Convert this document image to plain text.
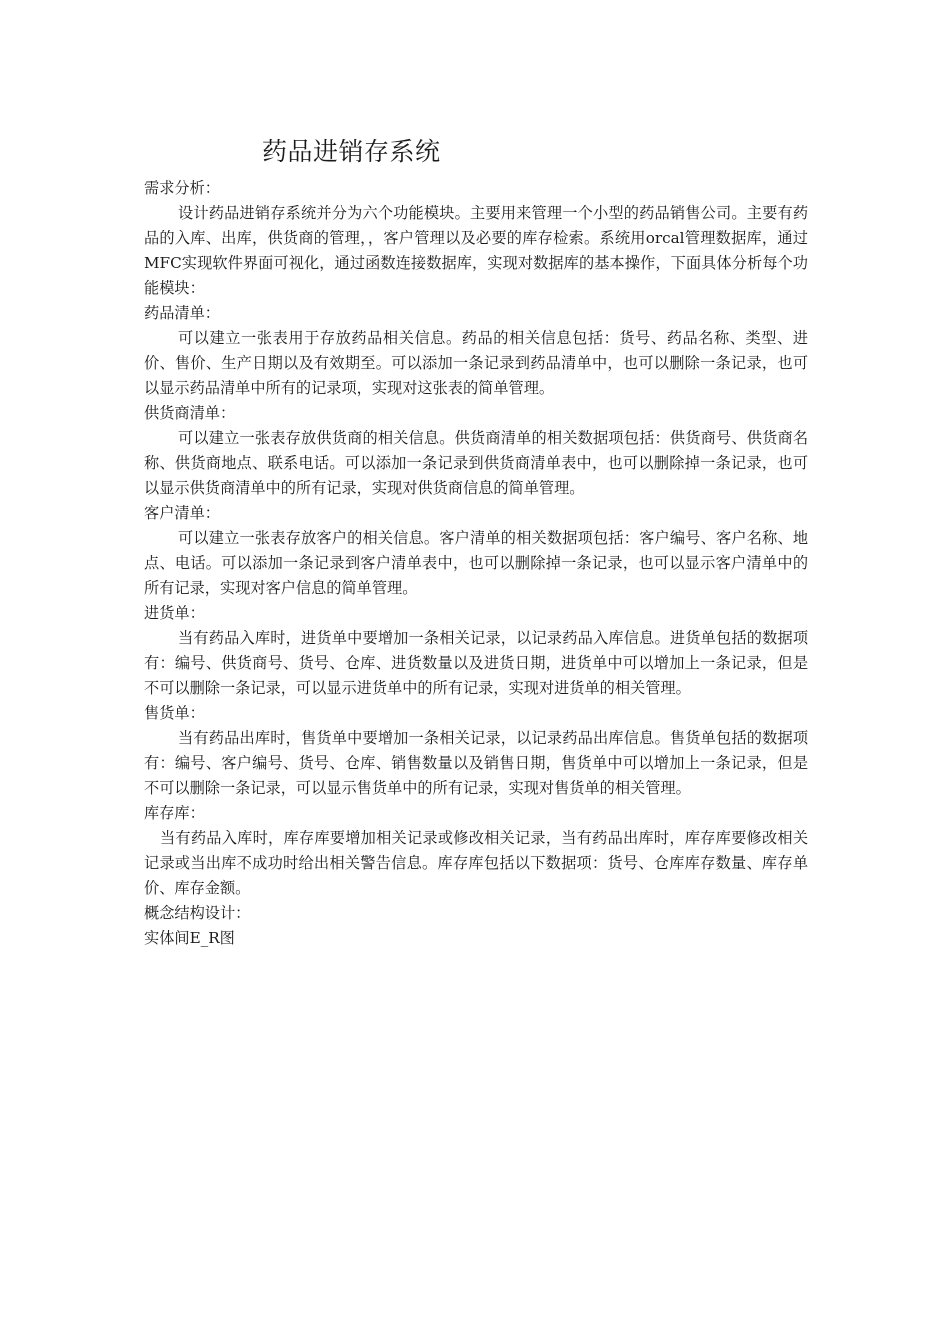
药品进销存系统

需求分析：

设计药品进销存系统并分为六个功能模块。主要用来管理一个小型的药品销售公司。主要有药品的入库、出库，供货商的管理，，客户管理以及必要的库存检索。系统用orcal管理数据库，通过MFC实现软件界面可视化，通过函数连接数据库，实现对数据库的基本操作，下面具体分析每个功能模块：

药品清单：

可以建立一张表用于存放药品相关信息。药品的相关信息包括：货号、药品名称、类型、进价、售价、生产日期以及有效期至。可以添加一条记录到药品清单中，也可以删除一条记录，也可以显示药品清单中所有的记录项，实现对这张表的简单管理。

供货商清单：

可以建立一张表存放供货商的相关信息。供货商清单的相关数据项包括：供货商号、供货商名称、供货商地点、联系电话。可以添加一条记录到供货商清单表中，也可以删除掉一条记录，也可以显示供货商清单中的所有记录，实现对供货商信息的简单管理。

客户清单：

可以建立一张表存放客户的相关信息。客户清单的相关数据项包括：客户编号、客户名称、地点、电话。可以添加一条记录到客户清单表中，也可以删除掉一条记录，也可以显示客户清单中的所有记录，实现对客户信息的简单管理。

进货单：

当有药品入库时，进货单中要增加一条相关记录，以记录药品入库信息。进货单包括的数据项有：编号、供货商号、货号、仓库、进货数量以及进货日期，进货单中可以增加上一条记录，但是不可以删除一条记录，可以显示进货单中的所有记录，实现对进货单的相关管理。

售货单：

当有药品出库时，售货单中要增加一条相关记录，以记录药品出库信息。售货单包括的数据项有：编号、客户编号、货号、仓库、销售数量以及销售日期，售货单中可以增加上一条记录，但是不可以删除一条记录，可以显示售货单中的所有记录，实现对售货单的相关管理。

库存库：

当有药品入库时，库存库要增加相关记录或修改相关记录，当有药品出库时，库存库要修改相关记录或当出库不成功时给出相关警告信息。库存库包括以下数据项：货号、仓库库存数量、库存单价、库存金额。

概念结构设计：

实体间E_R图
